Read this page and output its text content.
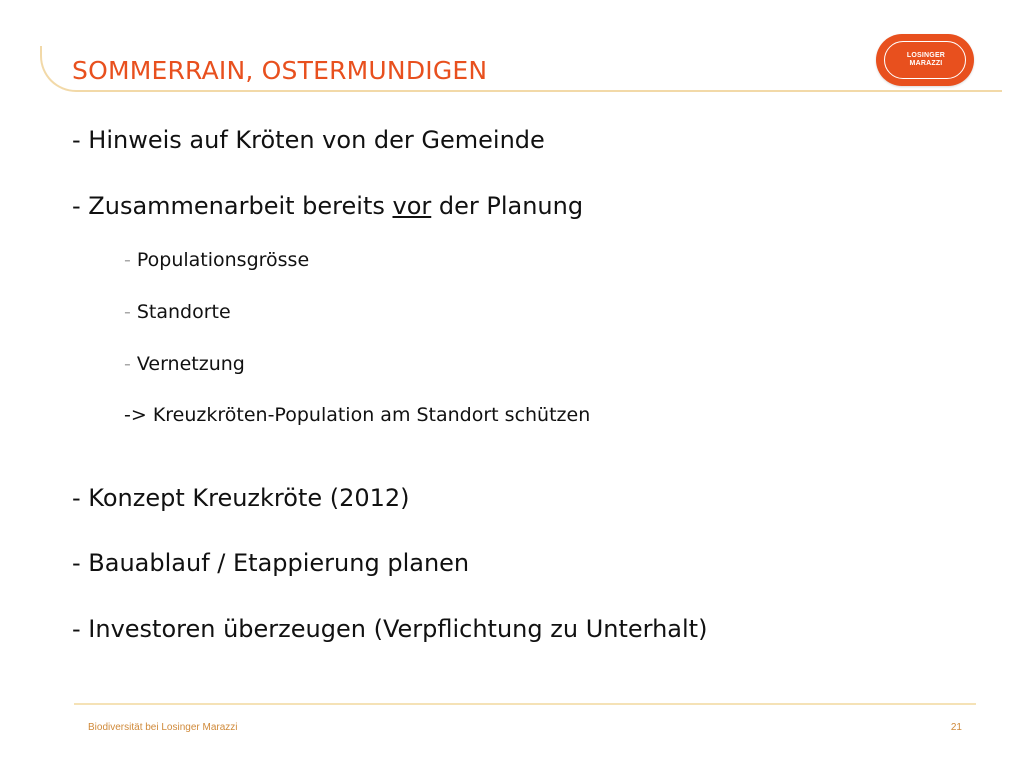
SOMMERRAIN, OSTERMUNDIGEN
LOSINGER
MARAZZI
- Hinweis auf Kröten von der Gemeinde
- Zusammenarbeit bereits vor der Planung
- Populationsgrösse
- Standorte
- Vernetzung
-> Kreuzkröten-Population am Standort schützen
- Konzept Kreuzkröte (2012)
- Bauablauf / Etappierung planen
- Investoren überzeugen (Verpflichtung zu Unterhalt)
Biodiversität bei Losinger Marazzi	21
